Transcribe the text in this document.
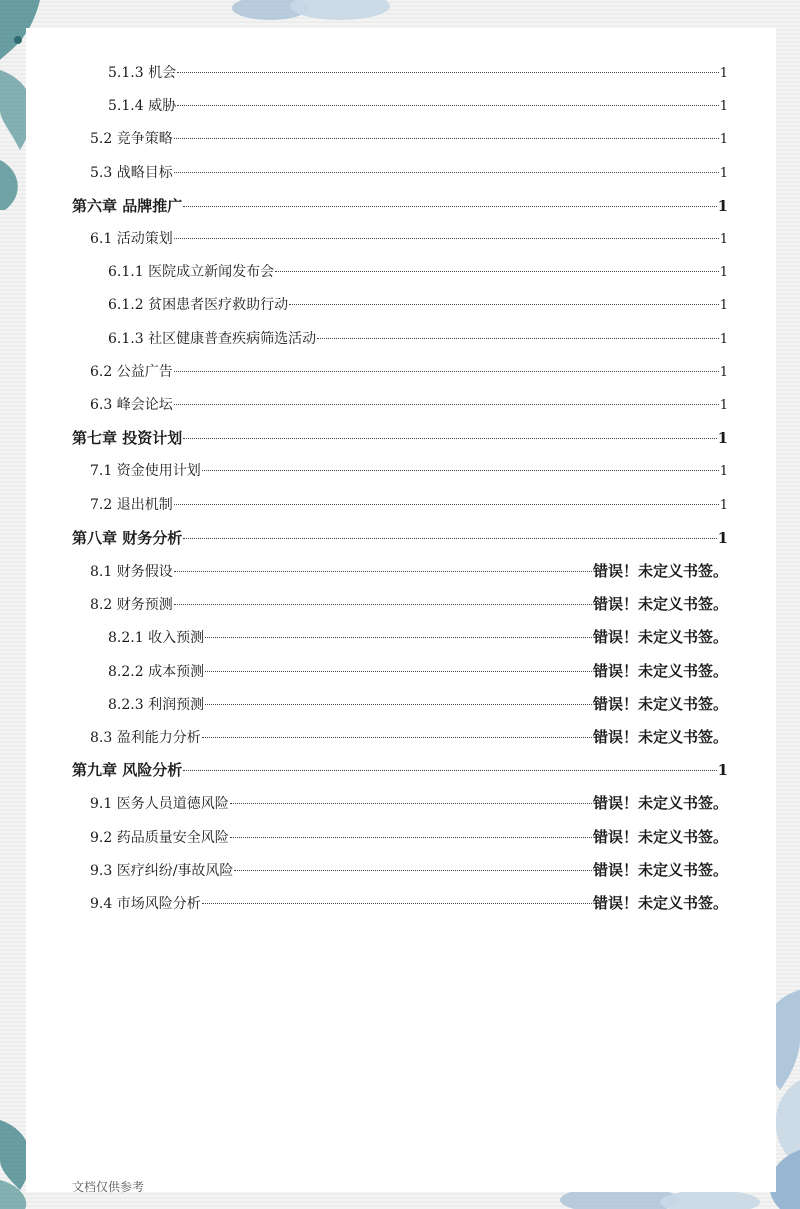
5.1.3 机会	1
5.1.4 威胁	1
5.2 竞争策略	1
5.3 战略目标	1
第六章 品牌推广	1
6.1 活动策划	1
6.1.1 医院成立新闻发布会	1
6.1.2 贫困患者医疗救助行动	1
6.1.3 社区健康普查疾病筛选活动	1
6.2 公益广告	1
6.3 峰会论坛	1
第七章 投资计划	1
7.1 资金使用计划	1
7.2 退出机制	1
第八章 财务分析	1
8.1 财务假设	错误！未定义书签。
8.2 财务预测	错误！未定义书签。
8.2.1 收入预测	错误！未定义书签。
8.2.2 成本预测	错误！未定义书签。
8.2.3 利润预测	错误！未定义书签。
8.3 盈利能力分析	错误！未定义书签。
第九章 风险分析	1
9.1 医务人员道德风险	错误！未定义书签。
9.2 药品质量安全风险	错误！未定义书签。
9.3 医疗纠纷/事故风险	错误！未定义书签。
9.4 市场风险分析	错误！未定义书签。
文档仅供参考
